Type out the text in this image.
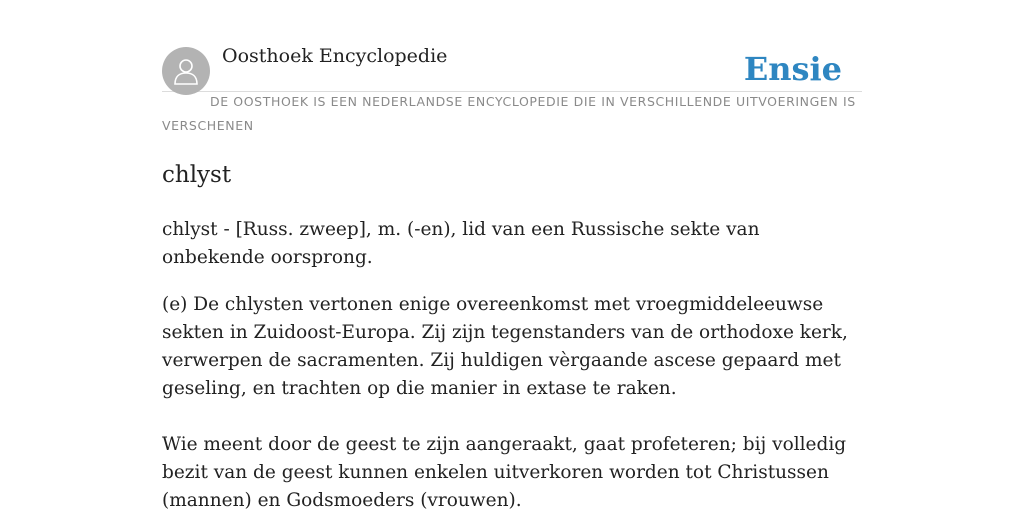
Oosthoek Encyclopedie	Ensie
DE OOSTHOEK IS EEN NEDERLANDSE ENCYCLOPEDIE DIE IN VERSCHILLENDE UITVOERINGEN IS VERSCHENEN
chlyst

chlyst - [Russ. zweep], m. (-en), lid van een Russische sekte van onbekende oorsprong.

(e) De chlysten vertonen enige overeenkomst met vroegmiddeleeuwse sekten in Zuidoost-Europa. Zij zijn tegenstanders van de orthodoxe kerk, verwerpen de sacramenten. Zij huldigen vèrgaande ascese gepaard met geseling, en trachten op die manier in extase te raken.

Wie meent door de geest te zijn aangeraakt, gaat profeteren; bij volledig bezit van de geest kunnen enkelen uitverkoren worden tot Christussen (mannen) en Godsmoeders (vrouwen).
